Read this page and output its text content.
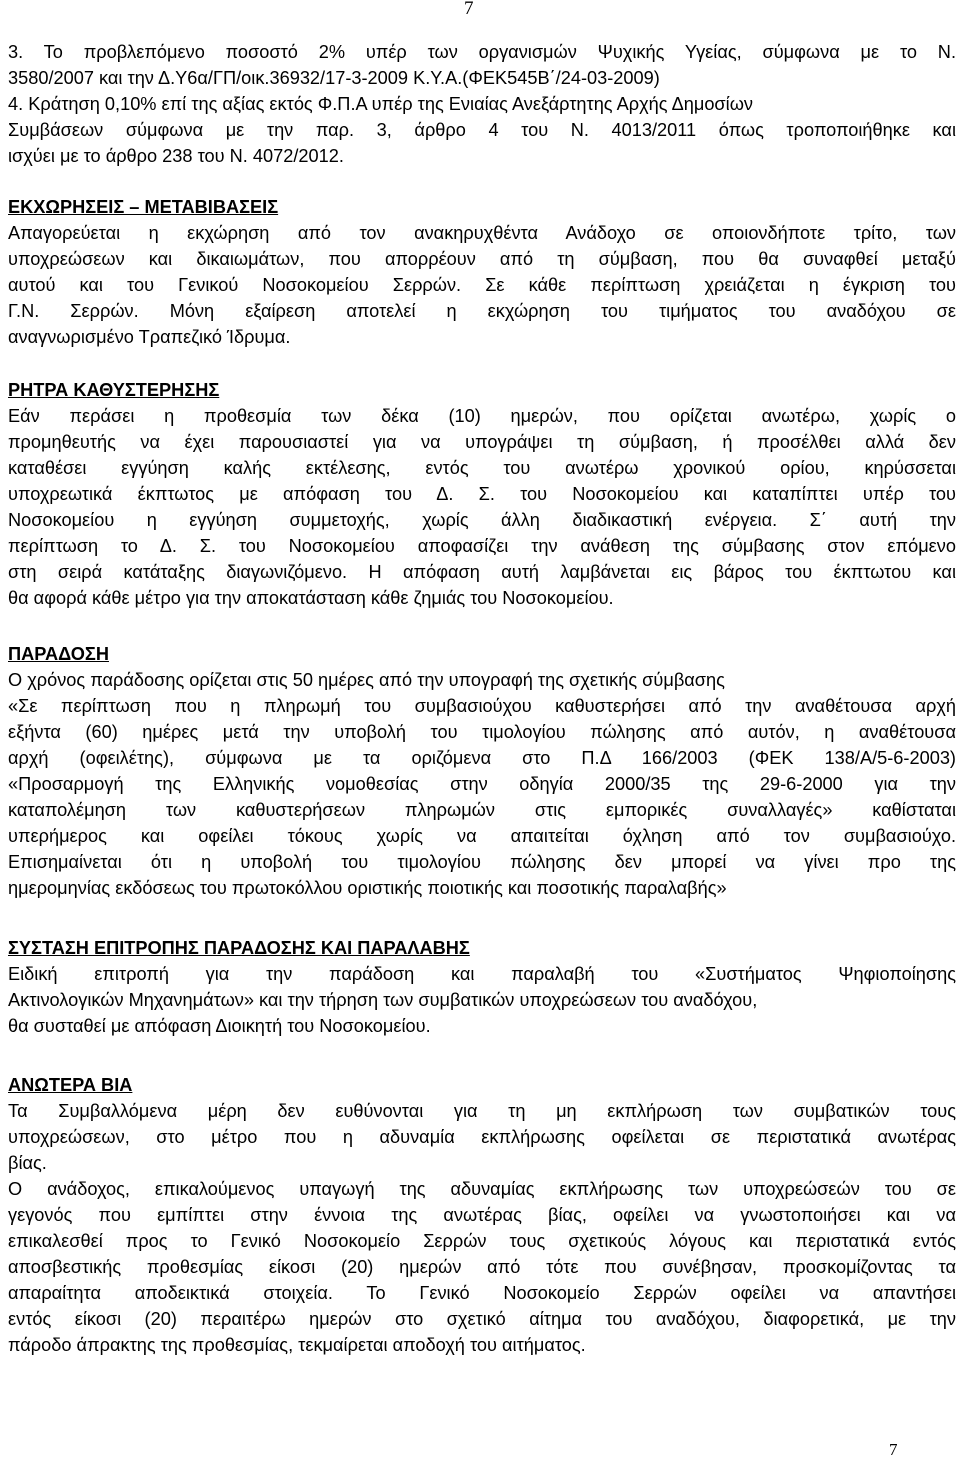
7
3. Το προβλεπόμενο ποσοστό 2% υπέρ των οργανισμών Ψυχικής Υγείας, σύμφωνα με το Ν.
3580/2007 και την Δ.Υ6α/ΓΠ/οικ.36932/17-3-2009 Κ.Υ.Α.(ΦΕΚ545Β΄/24-03-2009)
4. Κράτηση 0,10% επί της αξίας εκτός Φ.Π.Α υπέρ της Ενιαίας Ανεξάρτητης Αρχής Δημοσίων
Συμβάσεων σύμφωνα με την παρ. 3, άρθρο 4 του Ν. 4013/2011 όπως τροποποιήθηκε και
ισχύει με το άρθρο 238 του Ν. 4072/2012.
ΕΚΧΩΡΗΣΕΙΣ – ΜΕΤΑΒΙΒΑΣΕΙΣ
Απαγορεύεται η εκχώρηση από τον ανακηρυχθέντα Ανάδοχο σε οποιονδήποτε τρίτο, των
υποχρεώσεων και δικαιωμάτων, που απορρέουν από τη σύμβαση, που θα συναφθεί μεταξύ
αυτού και του Γενικού Νοσοκομείου Σερρών. Σε κάθε περίπτωση χρειάζεται η έγκριση του
Γ.Ν. Σερρών. Μόνη εξαίρεση αποτελεί η εκχώρηση του τιμήματος του αναδόχου σε
αναγνωρισμένο Τραπεζικό Ίδρυμα.
ΡΗΤΡΑ ΚΑΘΥΣΤΕΡΗΣΗΣ
Εάν περάσει η προθεσμία των δέκα (10) ημερών, που ορίζεται ανωτέρω, χωρίς ο
προμηθευτής να έχει παρουσιαστεί για να υπογράψει τη σύμβαση, ή προσέλθει αλλά δεν
καταθέσει εγγύηση καλής εκτέλεσης, εντός του ανωτέρω χρονικού ορίου, κηρύσσεται
υποχρεωτικά έκπτωτος με απόφαση του Δ. Σ. του Νοσοκομείου και καταπίπτει υπέρ του
Νοσοκομείου η εγγύηση συμμετοχής, χωρίς άλλη διαδικαστική ενέργεια. Σ΄ αυτή την
περίπτωση το Δ. Σ. του Νοσοκομείου αποφασίζει την ανάθεση της σύμβασης στον επόμενο
στη σειρά κατάταξης διαγωνιζόμενο. Η απόφαση αυτή λαμβάνεται εις βάρος του έκπτωτου και
θα αφορά κάθε μέτρο για την αποκατάσταση κάθε ζημιάς του Νοσοκομείου.
ΠΑΡΑΔΟΣΗ
Ο χρόνος παράδοσης ορίζεται στις 50 ημέρες από την υπογραφή της σχετικής σύμβασης
«Σε περίπτωση που η πληρωμή του συμβασιούχου καθυστερήσει από την αναθέτουσα αρχή
εξήντα (60) ημέρες μετά την υποβολή του τιμολογίου πώλησης από αυτόν, η αναθέτουσα
αρχή (οφειλέτης), σύμφωνα με τα οριζόμενα στο Π.Δ 166/2003 (ΦΕΚ 138/Α/5-6-2003)
«Προσαρμογή της Ελληνικής νομοθεσίας στην οδηγία 2000/35 της 29-6-2000 για την
καταπολέμηση των καθυστερήσεων πληρωμών στις εμπορικές συναλλαγές» καθίσταται
υπερήμερος και οφείλει τόκους χωρίς να απαιτείται όχληση από τον συμβασιούχο.
Επισημαίνεται ότι η υποβολή του τιμολογίου πώλησης δεν μπορεί να γίνει προ της
ημερομηνίας εκδόσεως του πρωτοκόλλου οριστικής ποιοτικής και ποσοτικής παραλαβής»
ΣΥΣΤΑΣΗ ΕΠΙΤΡΟΠΗΣ ΠΑΡΑΔΟΣΗΣ ΚΑΙ ΠΑΡΑΛΑΒΗΣ
Ειδική επιτροπή για την παράδοση και παραλαβή του «Συστήματος Ψηφιοποίησης
Ακτινολογικών Μηχανημάτων» και την τήρηση των συμβατικών υποχρεώσεων του αναδόχου,
θα συσταθεί με απόφαση Διοικητή του Νοσοκομείου.
ΑΝΩΤΕΡΑ ΒΙΑ
Τα Συμβαλλόμενα μέρη δεν ευθύνονται για τη μη εκπλήρωση των συμβατικών τους
υποχρεώσεων, στο μέτρο που η αδυναμία εκπλήρωσης οφείλεται σε περιστατικά ανωτέρας
βίας.
Ο ανάδοχος, επικαλούμενος υπαγωγή της αδυναμίας εκπλήρωσης των υποχρεώσεών του σε
γεγονός που εμπίπτει στην έννοια της ανωτέρας βίας, οφείλει να γνωστοποιήσει και να
επικαλεσθεί προς το Γενικό Νοσοκομείο Σερρών τους σχετικούς λόγους και περιστατικά εντός
αποσβεστικής προθεσμίας είκοσι (20) ημερών από τότε που συνέβησαν, προσκομίζοντας τα
απαραίτητα αποδεικτικά στοιχεία. Το Γενικό Νοσοκομείο Σερρών οφείλει να απαντήσει
εντός είκοσι (20) περαιτέρω ημερών στο σχετικό αίτημα του αναδόχου, διαφορετικά, με την
πάροδο άπρακτης της προθεσμίας, τεκμαίρεται αποδοχή του αιτήματος.
7
